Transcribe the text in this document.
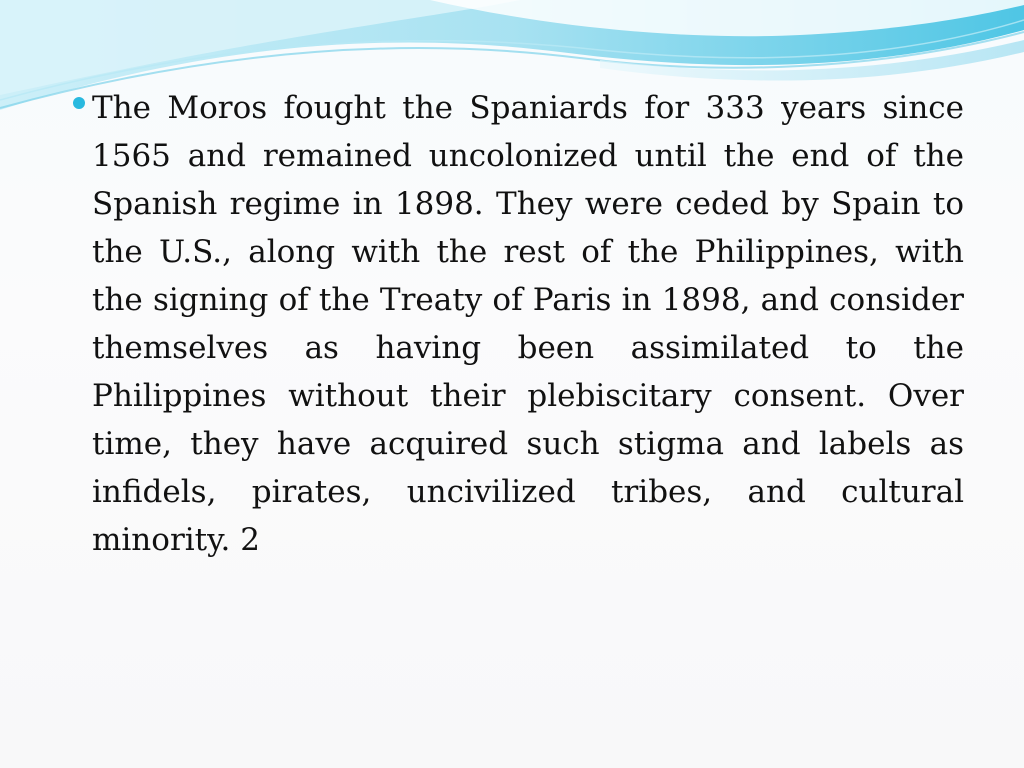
The Moros fought the Spaniards for 333 years since 1565 and remained uncolonized until the end of the Spanish regime in 1898. They were ceded by Spain to the U.S., along with the rest of the Philippines, with the signing of the Treaty of Paris in 1898, and consider themselves as having been assimilated to the Philippines without their plebiscitary consent. Over time, they have acquired such stigma and labels as infidels, pirates, uncivilized tribes, and cultural minority. 2
